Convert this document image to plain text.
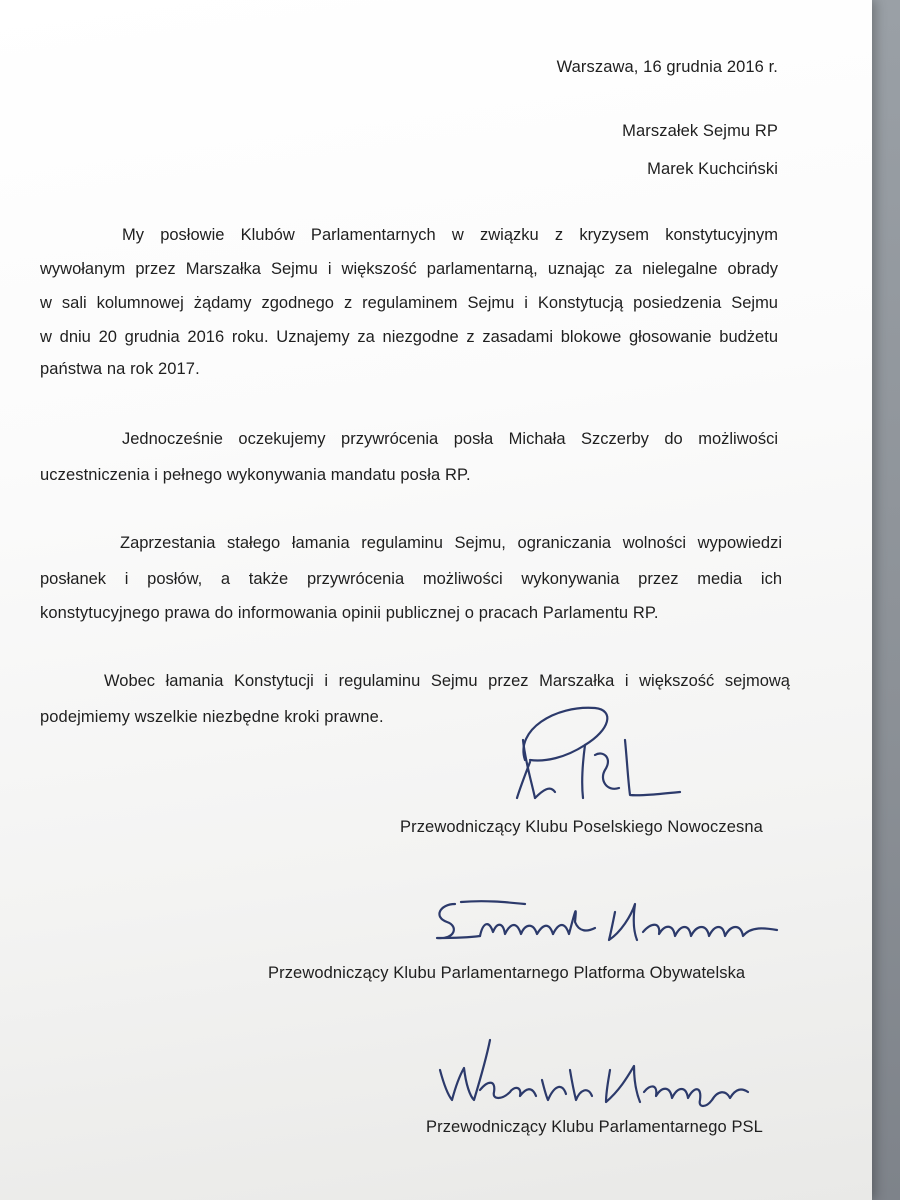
Warszawa, 16 grudnia 2016 r.
Marszałek Sejmu RP
Marek Kuchciński
My posłowie Klubów Parlamentarnych w związku z kryzysem konstytucyjnym
wywołanym przez Marszałka Sejmu i większość parlamentarną, uznając za nielegalne obrady
w sali kolumnowej żądamy zgodnego z regulaminem Sejmu i Konstytucją posiedzenia Sejmu
w dniu 20 grudnia 2016 roku. Uznajemy za niezgodne z zasadami blokowe głosowanie budżetu
państwa na rok 2017.
Jednocześnie oczekujemy przywrócenia posła Michała Szczerby do możliwości
uczestniczenia i pełnego wykonywania mandatu posła RP.
Zaprzestania stałego łamania regulaminu Sejmu, ograniczania wolności wypowiedzi
posłanek i posłów, a także przywrócenia możliwości wykonywania przez media ich
konstytucyjnego prawa do informowania opinii publicznej o pracach Parlamentu RP.
Wobec łamania Konstytucji i regulaminu Sejmu przez Marszałka i większość sejmową
podejmiemy wszelkie niezbędne kroki prawne.
Przewodniczący Klubu Poselskiego Nowoczesna
Przewodniczący Klubu Parlamentarnego Platforma Obywatelska
Przewodniczący Klubu Parlamentarnego PSL
